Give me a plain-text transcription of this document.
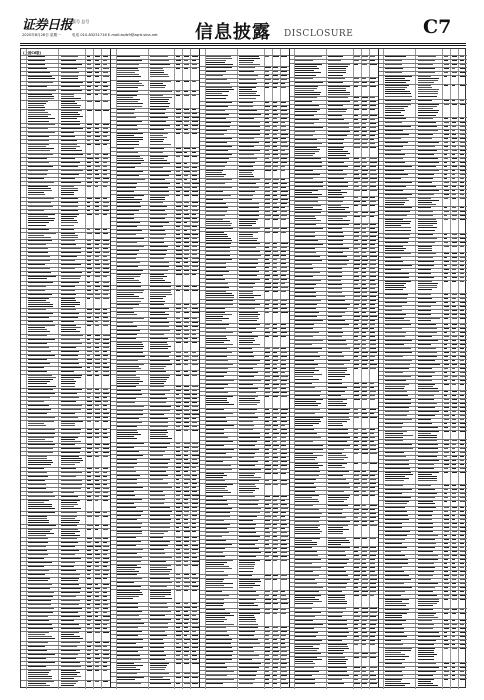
证券日报 版号 总号
2020年8月28日 星期一	电话 010-83251716 E-mail:zqrb9@zqrb.sina.net 信息披露 DISCLOSURE	C7
(上接C6版)
